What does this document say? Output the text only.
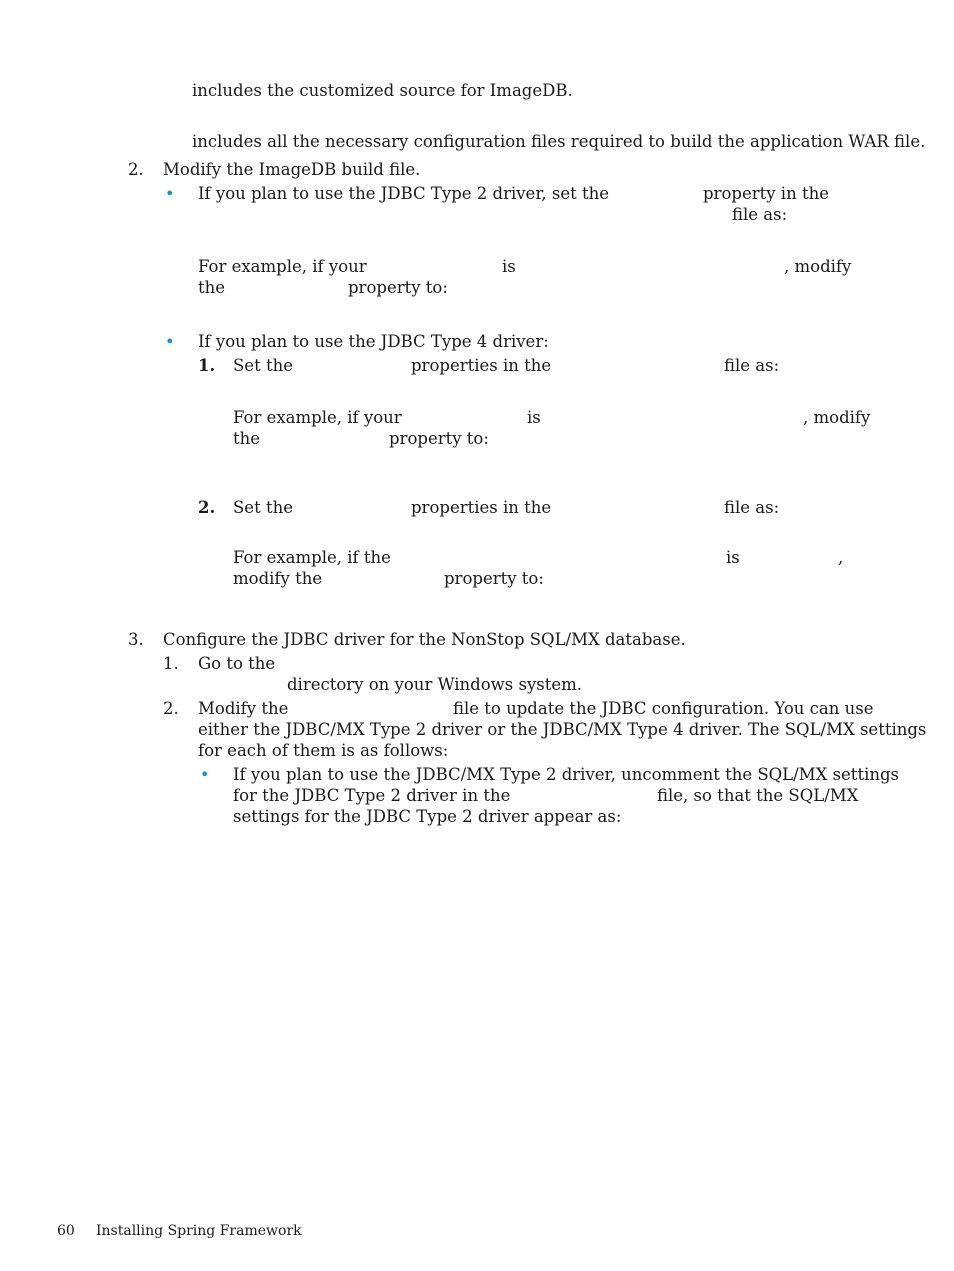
includes the customized source for ImageDB.
includes all the necessary configuration files required to build the application WAR file.
2. Modify the ImageDB build file.
• If you plan to use the JDBC Type 2 driver, set the	property in the
file as:
For example, if your	is	, modify
the	property to:
• If you plan to use the JDBC Type 4 driver:
1. Set the	properties in the	file as:
For example, if your	is	, modify
the	property to:
2. Set the	properties in the	file as:
For example, if the	is	,
modify the	property to:
3. Configure the JDBC driver for the NonStop SQL/MX database.
1. Go to the
directory on your Windows system.
2. Modify the	file to update the JDBC configuration. You can use
either the JDBC/MX Type 2 driver or the JDBC/MX Type 4 driver. The SQL/MX settings
for each of them is as follows:
• If you plan to use the JDBC/MX Type 2 driver, uncomment the SQL/MX settings
for the JDBC Type 2 driver in the	file, so that the SQL/MX
settings for the JDBC Type 2 driver appear as:
60 Installing Spring Framework
